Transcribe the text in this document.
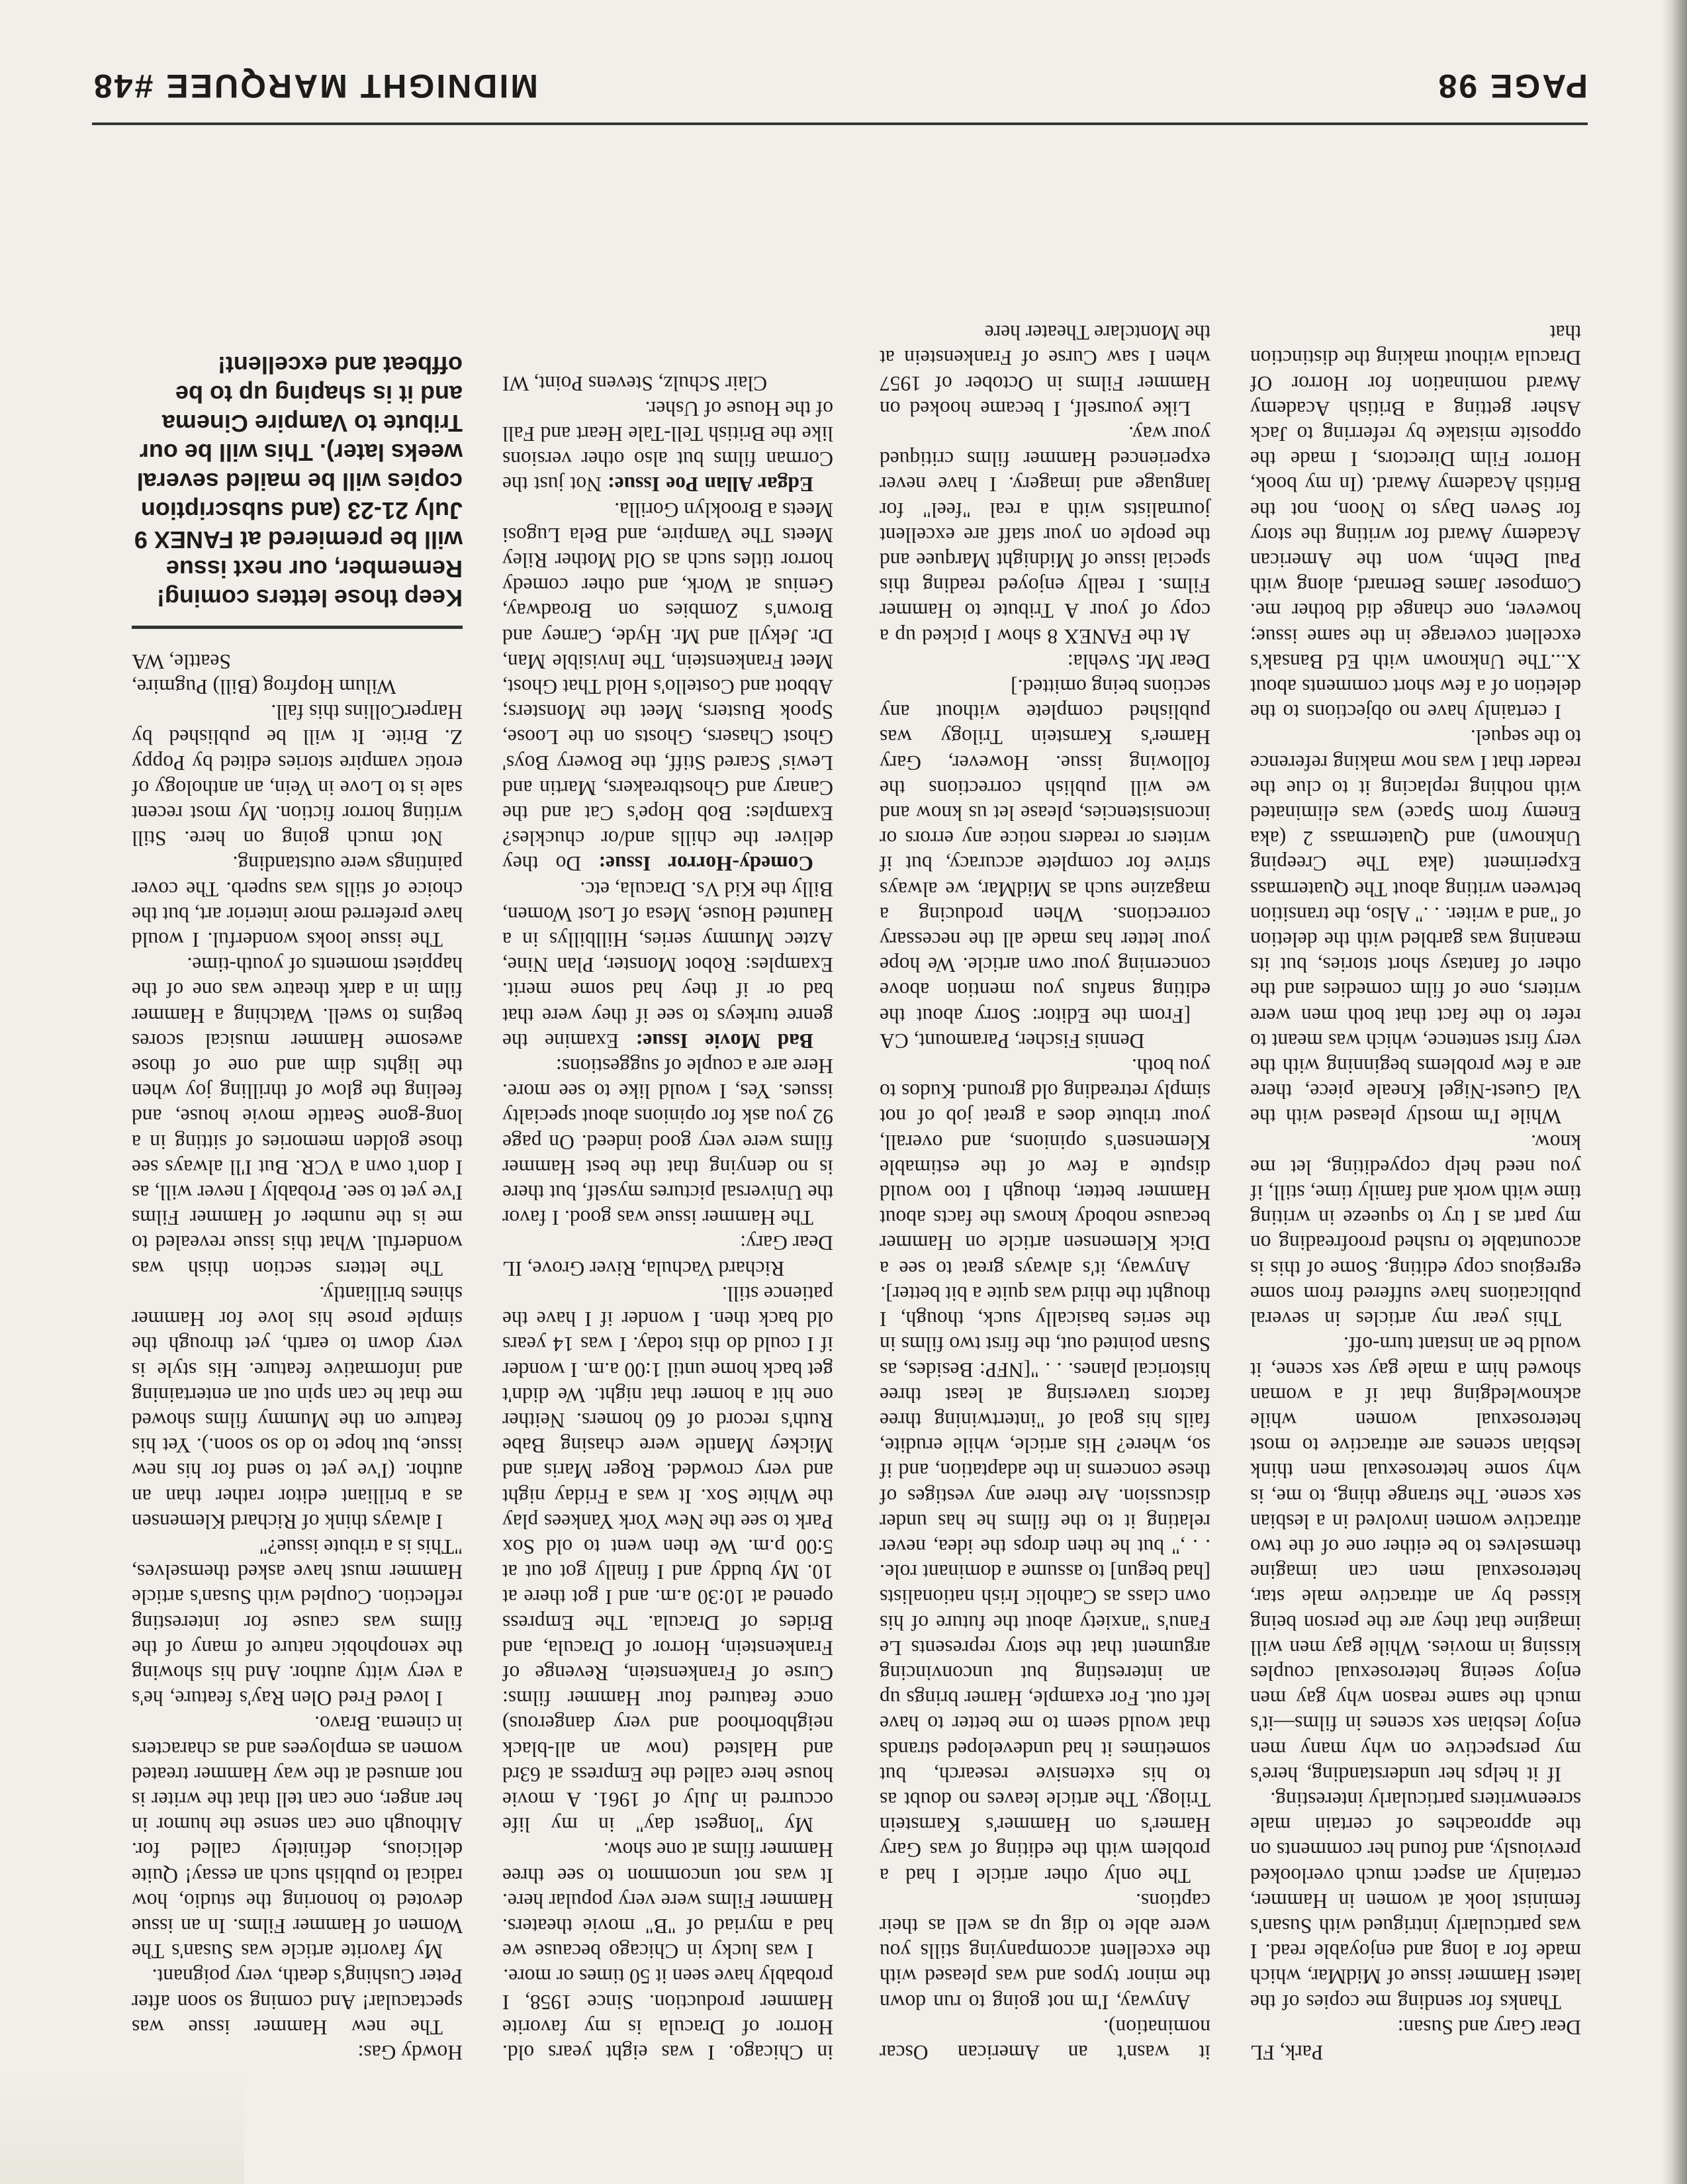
PAGE 98
MIDNIGHT MARQUEE #48

Park, FL

Dear Gary and Susan:

Thanks for sending me copies of the latest Hammer issue of MidMar, which made for a long and enjoyable read. I was particularly intrigued with Susan's feminist look at women in Hammer, certainly an aspect much overlooked previously, and found her comments on the approaches of certain male screenwriters particularly interesting.

If it helps her understanding, here's my perspective on why many men enjoy lesbian sex scenes in films—it's much the same reason why gay men enjoy seeing heterosexual couples kissing in movies. While gay men will imagine that they are the person being kissed by an attractive male star, heterosexual men can imagine themselves to be either one of the two attractive women involved in a lesbian sex scene. The strange thing, to me, is why some heterosexual men think lesbian scenes are attractive to most heterosexual women while acknowledging that if a woman showed him a male gay sex scene, it would be an instant turn-off.

This year my articles in several publications have suffered from some egregious copy editing. Some of this is accountable to rushed proofreading on my part as I try to squeeze in writing time with work and family time, still, if you need help copyediting, let me know.

While I'm mostly pleased with the Val Guest-Nigel Kneale piece, there are a few problems beginning with the very first sentence, which was meant to refer to the fact that both men were writers, one of film comedies and the other of fantasy short stories, but its meaning was garbled with the deletion of "and a writer. . ." Also, the transition between writing about The Quatermass Experiment (aka The Creeping Unknown) and Quatermass 2 (aka Enemy from Space) was eliminated with nothing replacing it to clue the reader that I was now making reference to the sequel.

I certainly have no objections to the deletion of a few short comments about X...The Unknown with Ed Bansak's excellent coverage in the same issue; however, one change did bother me. Composer James Bernard, along with Paul Dehn, won the American Academy Award for writing the story for Seven Days to Noon, not the British Academy Award. (In my book, Horror Film Directors, I made the opposite mistake by referring to Jack Asher getting a British Academy Award nomination for Horror Of Dracula without making the distinction that

it wasn't an American Oscar nomination).

Anyway, I'm not going to run down the minor typos and was pleased with the excellent accompanying stills you were able to dig up as well as their captions.

The only other article I had a problem with the editing of was Gary Harner's on Hammer's Karnstein Trilogy. The article leaves no doubt as to his extensive research, but sometimes it had undeveloped strands that would seem to me better to have left out. For example, Harner brings up an interesting but unconvincing argument that the story represents Le Fanu's "anxiety about the future of his own class as Catholic Irish nationalists [had begun] to assume a dominant role. . . ," but he then drops the idea, never relating it to the films he has under discussion. Are there any vestiges of these concerns in the adaptation, and if so, where? His article, while erudite, fails his goal of "intertwining three factors traversing at least three historical planes. . . "[NFP: Besides, as Susan pointed out, the first two films in the series basically suck, though, I thought the third was quite a bit better].

Anyway, it's always great to see a Dick Klemensen article on Hammer because nobody knows the facts about Hammer better, though I too would dispute a few of the estimable Klemensen's opinions, and overall, your tribute does a great job of not simply retreading old ground. Kudos to you both.

Dennis Fischer, Paramount, CA

[From the Editor: Sorry about the editing snafus you mention above concerning your own article. We hope your letter has made all the necessary corrections. When producing a magazine such as MidMar, we always strive for complete accuracy, but if writers or readers notice any errors or inconsistencies, please let us know and we will publish corrections the following issue. However, Gary Harner's Karnstein Trilogy was published complete without any sections being omitted.]

Dear Mr. Svehla:

At the FANEX 8 show I picked up a copy of your A Tribute to Hammer Films. I really enjoyed reading this special issue of Midnight Marquee and the people on your staff are excellent journalists with a real "feel" for language and imagery. I have never experienced Hammer films critiqued your way.

Like yourself, I became hooked on Hammer Films in October of 1957 when I saw Curse of Frankenstein at the Montclare Theater here

in Chicago. I was eight years old. Horror of Dracula is my favorite Hammer production. Since 1958, I probably have seen it 50 times or more.

I was lucky in Chicago because we had a myriad of "B" movie theaters. Hammer Films were very popular here. It was not uncommon to see three Hammer films at one show.

My "longest day" in my life occurred in July of 1961. A movie house here called the Empress at 63rd and Halsted (now an all-black neighborhood and very dangerous) once featured four Hammer films: Curse of Frankenstein, Revenge of Frankenstein, Horror of Dracula, and Brides of Dracula. The Empress opened at 10:30 a.m. and I got there at 10. My buddy and I finally got out at 5:00 p.m. We then went to old Sox Park to see the New York Yankees play the White Sox. It was a Friday night and very crowded. Roger Maris and Mickey Mantle were chasing Babe Ruth's record of 60 homers. Neither one hit a homer that night. We didn't get back home until 1:00 a.m. I wonder if I could do this today. I was 14 years old back then. I wonder if I have the patience still.

Richard Vachula, River Grove, IL

Dear Gary:

The Hammer issue was good. I favor the Universal pictures myself, but there is no denying that the best Hammer films were very good indeed. On page 92 you ask for opinions about specialty issues. Yes, I would like to see more. Here are a couple of suggestions:

Bad Movie Issue: Examine the genre turkeys to see if they were that bad or if they had some merit. Examples: Robot Monster, Plan Nine, Aztec Mummy series, Hillbillys in a Haunted House, Mesa of Lost Women, Billy the Kid Vs. Dracula, etc.

Comedy-Horror Issue: Do they deliver the chills and/or chuckles? Examples: Bob Hope's Cat and the Canary and Ghostbreakers, Martin and Lewis' Scared Stiff, the Bowery Boys' Ghost Chasers, Ghosts on the Loose, Spook Busters, Meet the Monsters; Abbott and Costello's Hold That Ghost, Meet Frankenstein, The Invisible Man, Dr. Jekyll and Mr. Hyde, Carney and Brown's Zombies on Broadway, Genius at Work, and other comedy horror titles such as Old Mother Riley Meets The Vampire, and Bela Lugosi Meets a Brooklyn Gorilla.

Edgar Allan Poe Issue: Not just the Corman films but also other versions like the British Tell-Tale Heart and Fall of the House of Usher.

Clair Schulz, Stevens Point, WI

Howdy Gas:

The new Hammer issue was spectacular! And coming so soon after Peter Cushing's death, very poignant.

My favorite article was Susan's The Women of Hammer Films. In an issue devoted to honoring the studio, how radical to publish such an essay! Quite delicious, definitely called for. Although one can sense the humor in her anger, one can tell that the writer is not amused at the way Hammer treated women as employees and as characters in cinema. Bravo.

I loved Fred Olen Ray's feature, he's a very witty author. And his showing the xenophobic nature of many of the films was cause for interesting reflection. Coupled with Susan's article Hammer must have asked themselves, "This is a tribute issue?"

I always think of Richard Klemensen as a brilliant editor rather than an author. (I've yet to send for his new issue, but hope to do so soon.). Yet his feature on the Mummy films showed me that he can spin out an entertaining and informative feature. His style is very down to earth, yet through the simple prose his love for Hammer shines brilliantly.

The letters section thish was wonderful. What this issue revealed to me is the number of Hammer Films I've yet to see. Probably I never will, as I don't own a VCR. But I'll always see those golden memories of sitting in a long-gone Seattle movie house, and feeling the glow of thrilling joy when the lights dim and one of those awesome Hammer musical scores begins to swell. Watching a Hammer film in a dark theatre was one of the happiest moments of youth-time.

The issue looks wonderful. I would have preferred more interior art, but the choice of stills was superb. The cover paintings were outstanding.

Not much going on here. Still writing horror fiction. My most recent sale is to Love in Vein, an anthology of erotic vampire stories edited by Poppy Z. Brite. It will be published by HarperCollins this fall.

Wilum Hopfrog (Bill) Pugmire, Seattle, WA

Keep those letters coming! Remember, our next issue will be premiered at FANEX 9 July 21-23 (and subscription copies will be mailed several weeks later). This will be our Tribute to Vampire Cinema and it is shaping up to be offbeat and excellent!
